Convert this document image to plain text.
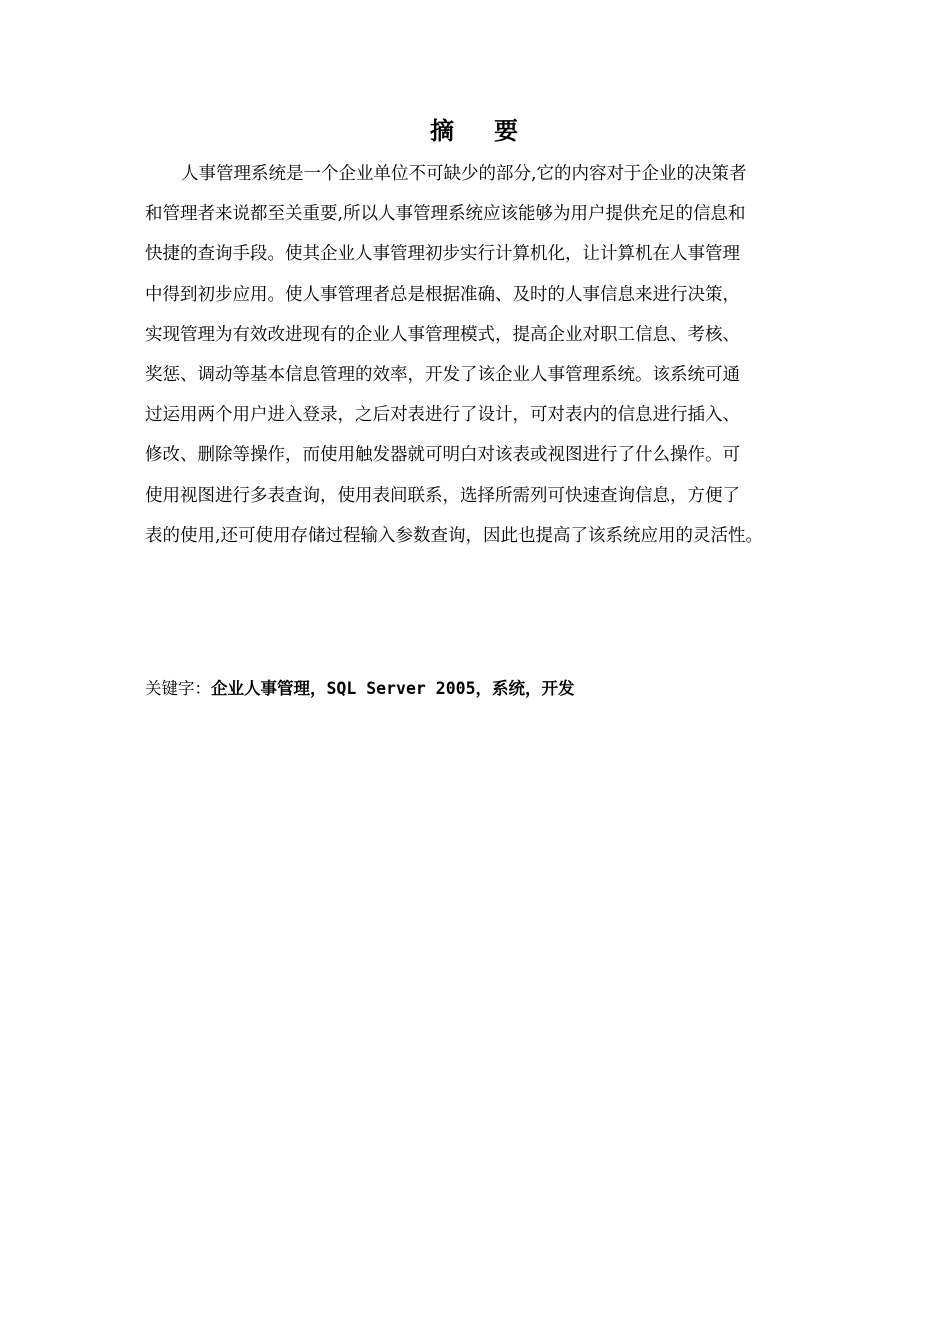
摘 要
人事管理系统是一个企业单位不可缺少的部分,它的内容对于企业的决策者
和管理者来说都至关重要,所以人事管理系统应该能够为用户提供充足的信息和
快捷的查询手段。使其企业人事管理初步实行计算机化，让计算机在人事管理
中得到初步应用。使人事管理者总是根据准确、及时的人事信息来进行决策，
实现管理为有效改进现有的企业人事管理模式，提高企业对职工信息、考核、
奖惩、调动等基本信息管理的效率，开发了该企业人事管理系统。该系统可通
过运用两个用户进入登录，之后对表进行了设计，可对表内的信息进行插入、
修改、删除等操作，而使用触发器就可明白对该表或视图进行了什么操作。可
使用视图进行多表查询，使用表间联系，选择所需列可快速查询信息，方便了
表的使用,还可使用存储过程输入参数查询，因此也提高了该系统应用的灵活性。
关键字：企业人事管理，SQL Server 2005，系统，开发
